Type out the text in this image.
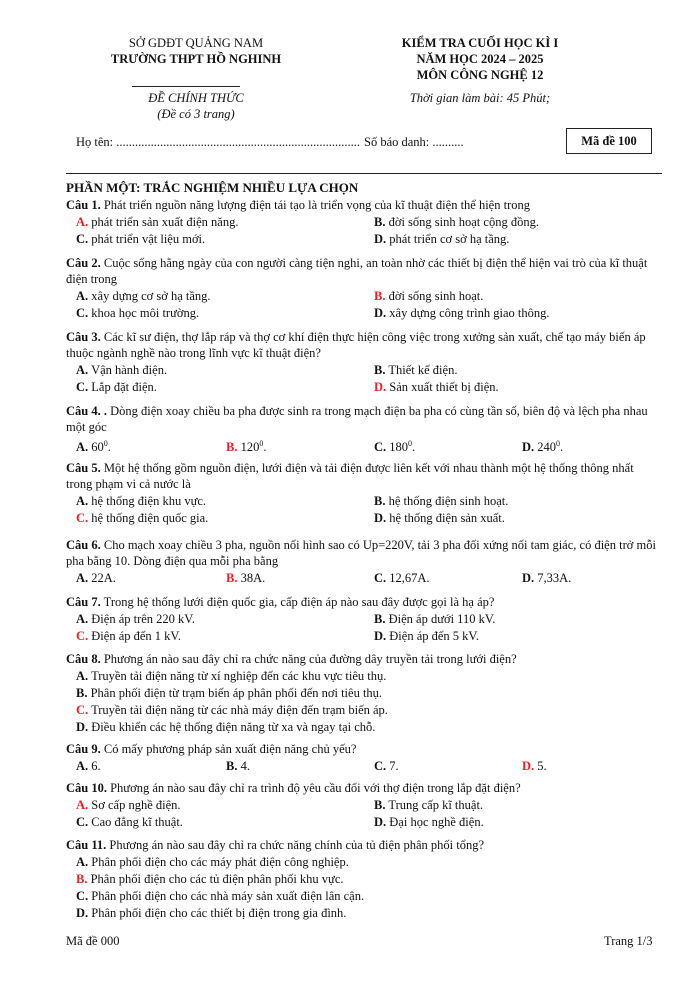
SỞ GDĐT QUẢNG NAM
TRƯỜNG THPT HỒ NGHINH
ĐỀ CHÍNH THỨC
(Đề có 3 trang)
KIỂM TRA CUỐI HỌC KÌ I
NĂM HỌC 2024 – 2025
MÔN CÔNG NGHỆ 12
Thời gian làm bài: 45 Phút;
Họ tên: .............................................................................. Số báo danh: ..........	Mã đề 100
PHẦN MỘT: TRẮC NGHIỆM NHIỀU LỰA CHỌN
Câu 1. Phát triển nguồn năng lượng điện tái tạo là triển vọng của kĩ thuật điện thể hiện trong
A. phát triển sản xuất điện năng.	B. đời sống sinh hoạt cộng đồng.
C. phát triển vật liệu mới.	D. phát triển cơ sở hạ tầng.
Câu 2. Cuộc sống hằng ngày của con người càng tiện nghi, an toàn nhờ các thiết bị điện thể hiện vai trò của kĩ thuật điện trong
A. xây dựng cơ sở hạ tầng.	B. đời sống sinh hoạt.
C. khoa học môi trường.	D. xây dựng công trình giao thông.
Câu 3. Các kĩ sư điện, thợ lắp ráp và thợ cơ khí điện thực hiện công việc trong xưởng sản xuất, chế tạo máy biến áp thuộc ngành nghề nào trong lĩnh vực kĩ thuật điện?
A. Vận hành điện.	B. Thiết kế điện.
C. Lắp đặt điện.	D. Sản xuất thiết bị điện.
Câu 4. . Dòng điện xoay chiều ba pha được sinh ra trong mạch điện ba pha có cùng tần số, biên độ và lệch pha nhau một góc
A. $60^0$.	B. $120^0$.	C. $180^0$.	D. $240^0$.
Câu 5. Một hệ thống gồm nguồn điện, lưới điện và tải điện được liên kết với nhau thành một hệ thống thông nhất trong phạm vi cả nước là
A. hệ thống điện khu vực.	B. hệ thống điện sinh hoạt.
C. hệ thống điện quốc gia.	D. hệ thống điện sản xuất.
Câu 6. Cho mạch xoay chiều 3 pha, nguồn nối hình sao có Up=220V, tải 3 pha đối xứng nối tam giác, có điện trở mỗi pha bằng 10. Dòng điện qua mỗi pha bằng
A. 22A.	B. 38A.	C. 12,67A.	D. 7,33A.
Câu 7. Trong hệ thống lưới điện quốc gia, cấp điện áp nào sau đây được gọi là hạ áp?
A. Điện áp trên 220 kV.	B. Điện áp dưới 110 kV.
C. Điện áp đến 1 kV.	D. Điện áp đến 5 kV.
Câu 8. Phương án nào sau đây chỉ ra chức năng của đường dây truyền tải trong lưới điện?
A. Truyền tải điện năng từ xí nghiệp đến các khu vực tiêu thụ.
B. Phân phối điện từ trạm biến áp phân phối đến nơi tiêu thụ.
C. Truyền tải điện năng từ các nhà máy điện đến trạm biến áp.
D. Điều khiển các hệ thống điện năng từ xa và ngay tại chỗ.
Câu 9. Có mấy phương pháp sản xuất điện năng chủ yếu?
A. 6.	B. 4.	C. 7.	D. 5.
Câu 10. Phương án nào sau đây chỉ ra trình độ yêu cầu đối với thợ điện trong lắp đặt điện?
A. Sơ cấp nghề điện.	B. Trung cấp kĩ thuật.
C. Cao đẳng kĩ thuật.	D. Đại học nghề điện.
Câu 11. Phương án nào sau đây chỉ ra chức năng chính của tủ điện phân phối tổng?
A. Phân phối điện cho các máy phát điện công nghiệp.
B. Phân phối điện cho các tủ điện phân phối khu vực.
C. Phân phối điện cho các nhà máy sản xuất điện lân cận.
D. Phân phối điện cho các thiết bị điện trong gia đình.
Mã đề 000	Trang 1/3
